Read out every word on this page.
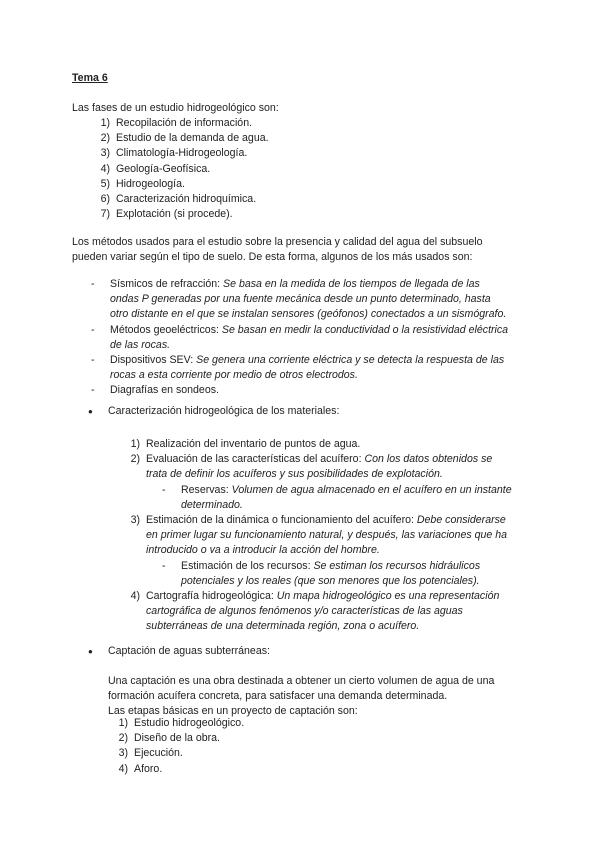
Tema 6
Las fases de un estudio hidrogeológico son:
1) Recopilación de información.
2) Estudio de la demanda de agua.
3) Climatología-Hidrogeología.
4) Geología-Geofísica.
5) Hidrogeología.
6) Caracterización hidroquímica.
7) Explotación (si procede).
Los métodos usados para el estudio sobre la presencia y calidad del agua del subsuelo
pueden variar según el tipo de suelo. De esta forma, algunos de los más usados son:
- Sísmicos de refracción: Se basa en la medida de los tiempos de llegada de las
ondas P generadas por una fuente mecánica desde un punto determinado, hasta
otro distante en el que se instalan sensores (geófonos) conectados a un sismógrafo.
- Métodos geoeléctricos: Se basan en medir la conductividad o la resistividad eléctrica
de las rocas.
- Dispositivos SEV: Se genera una corriente eléctrica y se detecta la respuesta de las
rocas a esta corriente por medio de otros electrodos.
- Diagrafías en sondeos.
● Caracterización hidrogeológica de los materiales:
1) Realización del inventario de puntos de agua.
2) Evaluación de las características del acuífero: Con los datos obtenidos se
trata de definir los acuíferos y sus posibilidades de explotación.
- Reservas: Volumen de agua almacenado en el acuífero en un instante
determinado.
3) Estimación de la dinámica o funcionamiento del acuífero: Debe considerarse
en primer lugar su funcionamiento natural, y después, las variaciones que ha
introducido o va a introducir la acción del hombre.
- Estimación de los recursos: Se estiman los recursos hidráulicos
potenciales y los reales (que son menores que los potenciales).
4) Cartografía hidrogeológica: Un mapa hidrogeológico es una representación
cartográfica de algunos fenómenos y/o características de las aguas
subterráneas de una determinada región, zona o acuífero.
● Captación de aguas subterráneas:
Una captación es una obra destinada a obtener un cierto volumen de agua de una
formación acuífera concreta, para satisfacer una demanda determinada.
Las etapas básicas en un proyecto de captación son:
1) Estudio hidrogeológico.
2) Diseño de la obra.
3) Ejecución.
4) Aforo.
